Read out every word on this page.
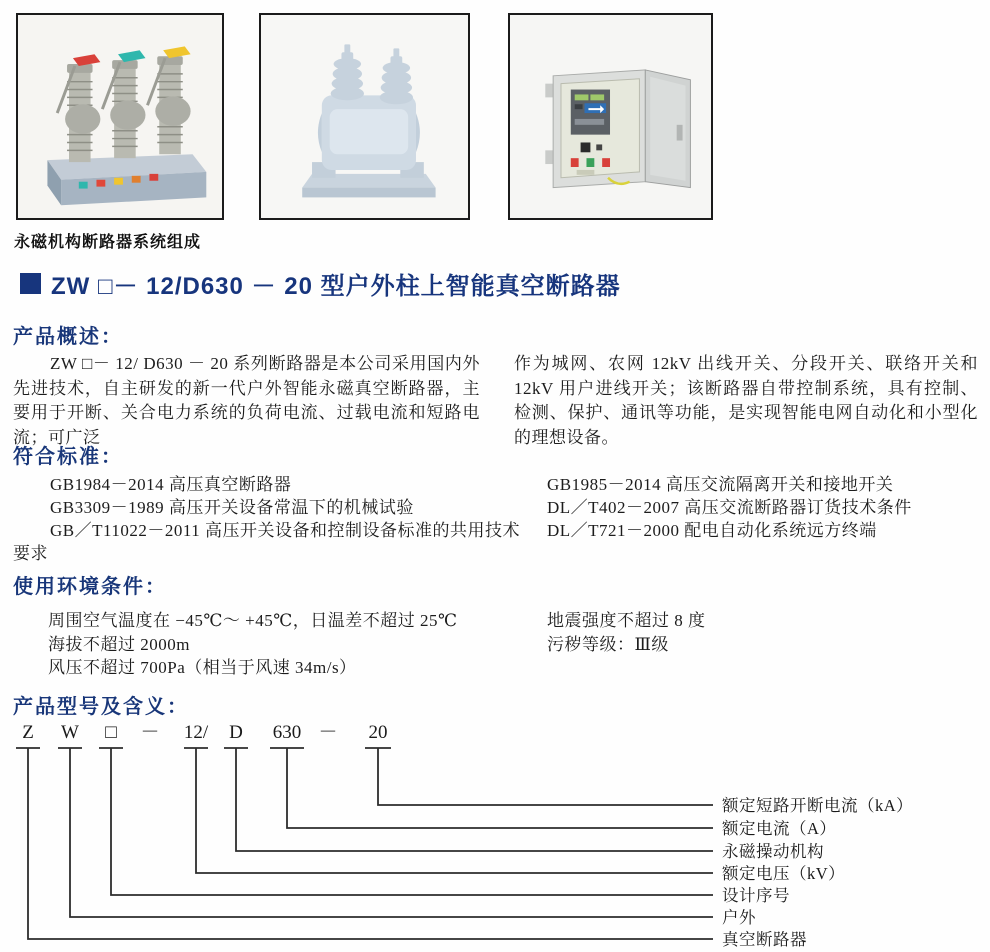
永磁机构断路器系统组成
ZW □－ 12/D630 － 20 型户外柱上智能真空断路器
产品概述：
ZW □－ 12/ D630 － 20 系列断路器是本公司采用国内外先进技术，自主研发的新一代户外智能永磁真空断路器，主要用于开断、关合电力系统的负荷电流、过载电流和短路电流；可广泛
作为城网、农网 12kV 出线开关、分段开关、联络开关和 12kV 用户进线开关；该断路器自带控制系统，具有控制、检测、保护、通讯等功能，是实现智能电网自动化和小型化的理想设备。
符合标准：
GB1984－2014 高压真空断路器
GB3309－1989 高压开关设备常温下的机械试验
GB／T11022－2011 高压开关设备和控制设备标准的共用技术
要求
GB1985－2014 高压交流隔离开关和接地开关
DL／T402－2007 高压交流断路器订货技术条件
DL／T721－2000 配电自动化系统远方终端
使用环境条件：
周围空气温度在 −45℃～ +45℃，日温差不超过 25℃
海拔不超过 2000m
风压不超过 700Pa（相当于风速 34m/s）
地震强度不超过 8 度
污秽等级：Ⅲ级
产品型号及含义：
Z W □ － 12/ D 630 － 20
额定短路开断电流（kA）
额定电流（A）
永磁操动机构
额定电压（kV）
设计序号
户外
真空断路器
